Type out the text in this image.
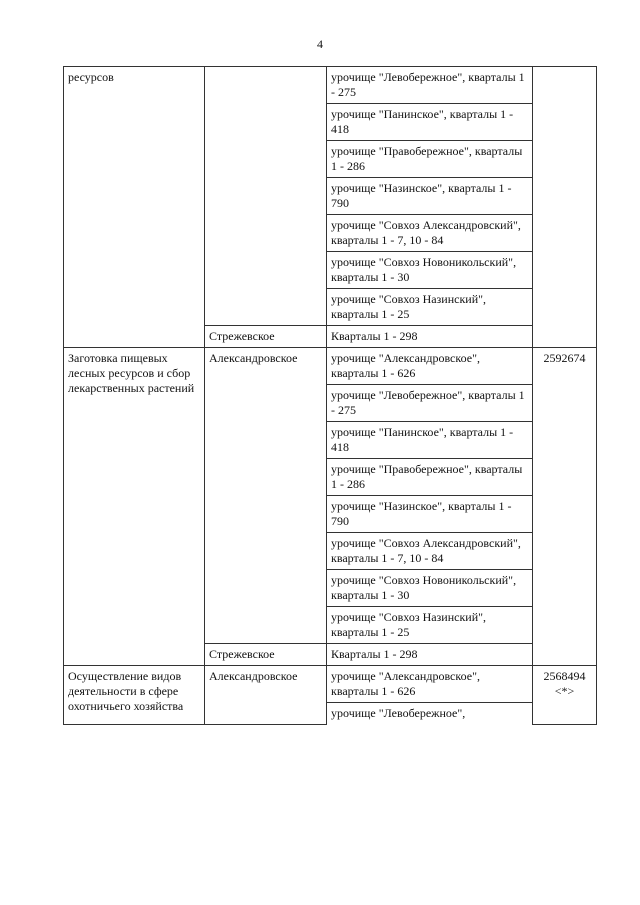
4
ресурсов		урочище "Левобережное", кварталы 1 - 275	

		урочище "Панинское", кварталы 1 - 418	
		урочище "Правобережное", кварталы 1 - 286	
		урочище "Назинское", кварталы 1 - 790	
		урочище "Совхоз Александровский", кварталы 1 - 7, 10 - 84	
		урочище "Совхоз Новоникольский", кварталы 1 - 30	
		урочище "Совхоз Назинский", кварталы 1 - 25	
	Стрежевское	Кварталы 1 - 298	
Заготовка пищевых лесных ресурсов и сбор лекарственных растений	Александровское	урочище "Александровское", кварталы 1 - 626	2592674

		урочище "Левобережное", кварталы 1 - 275	
		урочище "Панинское", кварталы 1 - 418	
		урочище "Правобережное", кварталы 1 - 286	
		урочище "Назинское", кварталы 1 - 790	
		урочище "Совхоз Александровский", кварталы 1 - 7, 10 - 84	
		урочище "Совхоз Новоникольский", кварталы 1 - 30	
		урочище "Совхоз Назинский", кварталы 1 - 25	
	Стрежевское	Кварталы 1 - 298	
Осуществление видов деятельности в сфере охотничьего хозяйства	Александровское	урочище "Александровское", кварталы 1 - 626	2568494
<*>

		урочище "Левобережное",	
